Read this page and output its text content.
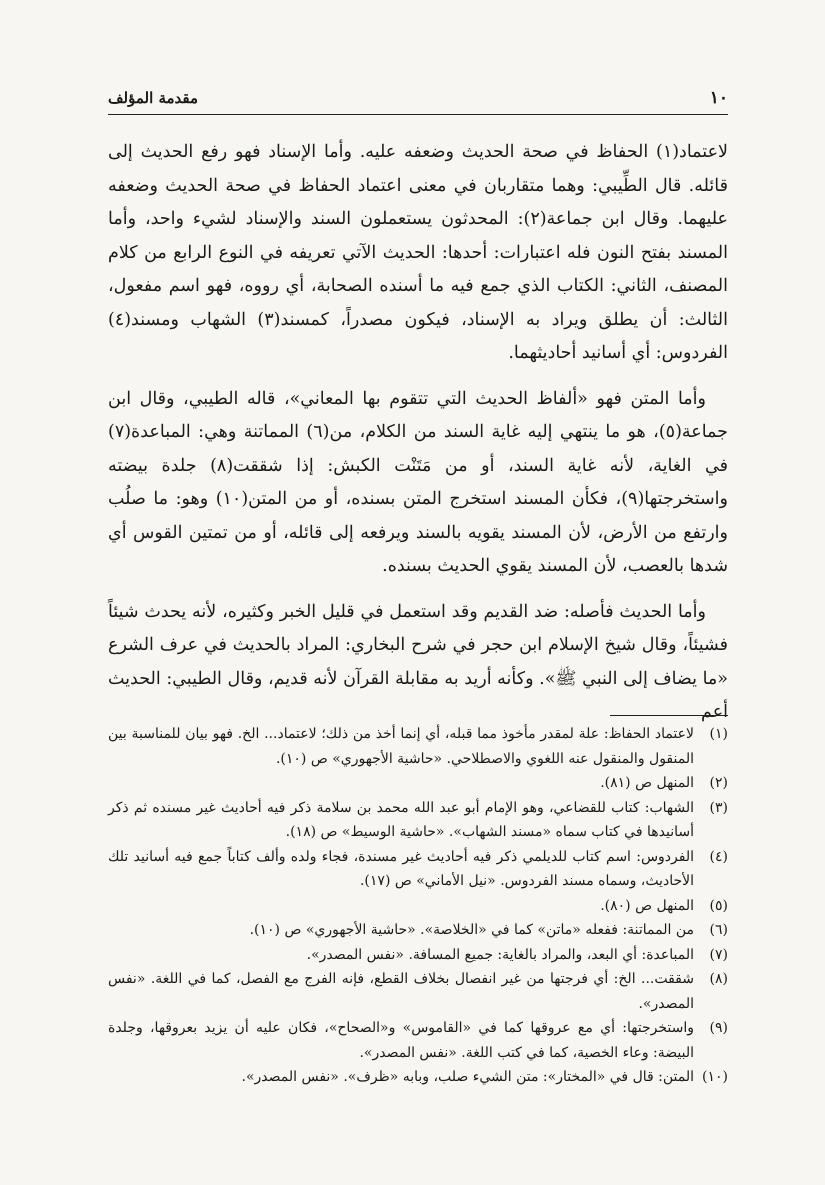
١٠
مقدمة المؤلف

لاعتماد(١) الحفاظ في صحة الحديث وضعفه عليه. وأما الإسناد فهو رفع الحديث إلى قائله. قال الطِّيبي: وهما متقاربان في معنى اعتماد الحفاظ في صحة الحديث وضعفه عليهما. وقال ابن جماعة(٢): المحدثون يستعملون السند والإسناد لشيء واحد، وأما المسند بفتح النون فله اعتبارات: أحدها: الحديث الآتي تعريفه في النوع الرابع من كلام المصنف، الثاني: الكتاب الذي جمع فيه ما أسنده الصحابة، أي رووه، فهو اسم مفعول، الثالث: أن يطلق ويراد به الإسناد، فيكون مصدراً، كمسند(٣) الشهاب ومسند(٤) الفردوس: أي أسانيد أحاديثهما.

وأما المتن فهو «ألفاظ الحديث التي تتقوم بها المعاني»، قاله الطيبي، وقال ابن جماعة(٥)، هو ما ينتهي إليه غاية السند من الكلام، من(٦) المماتنة وهي: المباعدة(٧) في الغاية، لأنه غاية السند، أو من مَتَنْت الكبش: إذا شققت(٨) جلدة بيضته واستخرجتها(٩)، فكأن المسند استخرج المتن بسنده، أو من المتن(١٠) وهو: ما صلُب وارتفع من الأرض، لأن المسند يقويه بالسند ويرفعه إلى قائله، أو من تمتين القوس أي شدها بالعصب، لأن المسند يقوي الحديث بسنده.

وأما الحديث فأصله: ضد القديم وقد استعمل في قليل الخبر وكثيره، لأنه يحدث شيئاً فشيئاً، وقال شيخ الإسلام ابن حجر في شرح البخاري: المراد بالحديث في عرف الشرع «ما يضاف إلى النبي ﷺ». وكأنه أريد به مقابلة القرآن لأنه قديم، وقال الطيبي: الحديث أعم

(١)
لاعتماد الحفاظ: علة لمقدر مأخوذ مما قبله، أي إنما أخذ من ذلك؛ لاعتماد... الخ. فهو بيان للمناسبة بين المنقول والمنقول عنه اللغوي والاصطلاحي. «حاشية الأجهوري» ص (١٠).
(٢)
المنهل ص (٨١).
(٣)
الشهاب: كتاب للقضاعي، وهو الإمام أبو عبد الله محمد بن سلامة ذكر فيه أحاديث غير مسنده ثم ذكر أسانيدها في كتاب سماه «مسند الشهاب». «حاشية الوسيط» ص (١٨).
(٤)
الفردوس: اسم كتاب للديلمي ذكر فيه أحاديث غير مسندة، فجاء ولده وألف كتاباً جمع فيه أسانيد تلك الأحاديث، وسماه مسند الفردوس. «نيل الأماني» ص (١٧).
(٥)
المنهل ص (٨٠).
(٦)
من المماتنة: ففعله «ماتن» كما في «الخلاصة». «حاشية الأجهوري» ص (١٠).
(٧)
المباعدة: أي البعد، والمراد بالغاية: جميع المسافة. «نفس المصدر».
(٨)
شققت... الخ: أي فرجتها من غير انفصال بخلاف القطع، فإنه الفرج مع الفصل، كما في اللغة. «نفس المصدر».
(٩)
واستخرجتها: أي مع عروقها كما في «القاموس» و«الصحاح»، فكان عليه أن يزيد بعروقها، وجلدة البيضة: وعاء الخصية، كما في كتب اللغة. «نفس المصدر».
(١٠)
المتن: قال في «المختار»: متن الشيء صلب، وبابه «ظرف». «نفس المصدر».
